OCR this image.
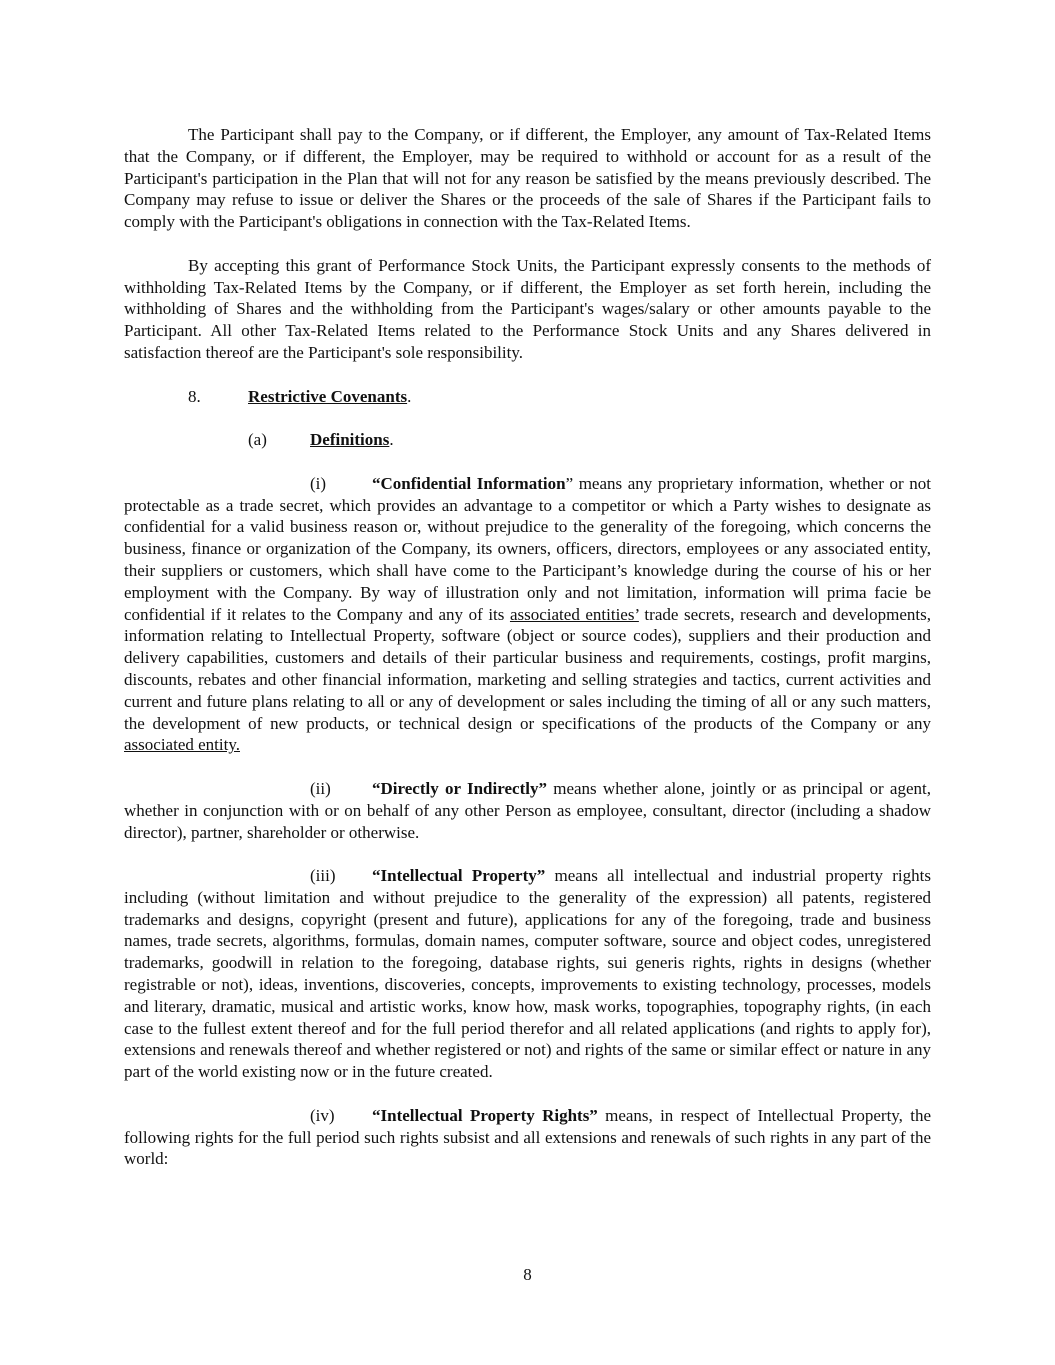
The Participant shall pay to the Company, or if different, the Employer, any amount of Tax-Related Items that the Company, or if different, the Employer, may be required to withhold or account for as a result of the Participant's participation in the Plan that will not for any reason be satisfied by the means previously described. The Company may refuse to issue or deliver the Shares or the proceeds of the sale of Shares if the Participant fails to comply with the Participant's obligations in connection with the Tax-Related Items.

By accepting this grant of Performance Stock Units, the Participant expressly consents to the methods of withholding Tax-Related Items by the Company, or if different, the Employer as set forth herein, including the withholding of Shares and the withholding from the Participant's wages/salary or other amounts payable to the Participant. All other Tax-Related Items related to the Performance Stock Units and any Shares delivered in satisfaction thereof are the Participant's sole responsibility.

8.	Restrictive Covenants.

(a)	Definitions.

(i)	“Confidential Information” means any proprietary information, whether or not protectable as a trade secret, which provides an advantage to a competitor or which a Party wishes to designate as confidential for a valid business reason or, without prejudice to the generality of the foregoing, which concerns the business, finance or organization of the Company, its owners, officers, directors, employees or any associated entity, their suppliers or customers, which shall have come to the Participant’s knowledge during the course of his or her employment with the Company. By way of illustration only and not limitation, information will prima facie be confidential if it relates to the Company and any of its associated entities’ trade secrets, research and developments, information relating to Intellectual Property, software (object or source codes), suppliers and their production and delivery capabilities, customers and details of their particular business and requirements, costings, profit margins, discounts, rebates and other financial information, marketing and selling strategies and tactics, current activities and current and future plans relating to all or any of development or sales including the timing of all or any such matters, the development of new products, or technical design or specifications of the products of the Company or any associated entity.

(ii) “Directly or Indirectly” means whether alone, jointly or as principal or agent, whether in conjunction with or on behalf of any other Person as employee, consultant, director (including a shadow director), partner, shareholder or otherwise.

(iii) “Intellectual Property” means all intellectual and industrial property rights including (without limitation and without prejudice to the generality of the expression) all patents, registered trademarks and designs, copyright (present and future), applications for any of the foregoing, trade and business names, trade secrets, algorithms, formulas, domain names, computer software, source and object codes, unregistered trademarks, goodwill in relation to the foregoing, database rights, sui generis rights, rights in designs (whether registrable or not), ideas, inventions, discoveries, concepts, improvements to existing technology, processes, models and literary, dramatic, musical and artistic works, know how, mask works, topographies, topography rights, (in each case to the fullest extent thereof and for the full period therefor and all related applications (and rights to apply for), extensions and renewals thereof and whether registered or not) and rights of the same or similar effect or nature in any part of the world existing now or in the future created.

(iv) “Intellectual Property Rights” means, in respect of Intellectual Property, the following rights for the full period such rights subsist and all extensions and renewals of such rights in any part of the world:

8
